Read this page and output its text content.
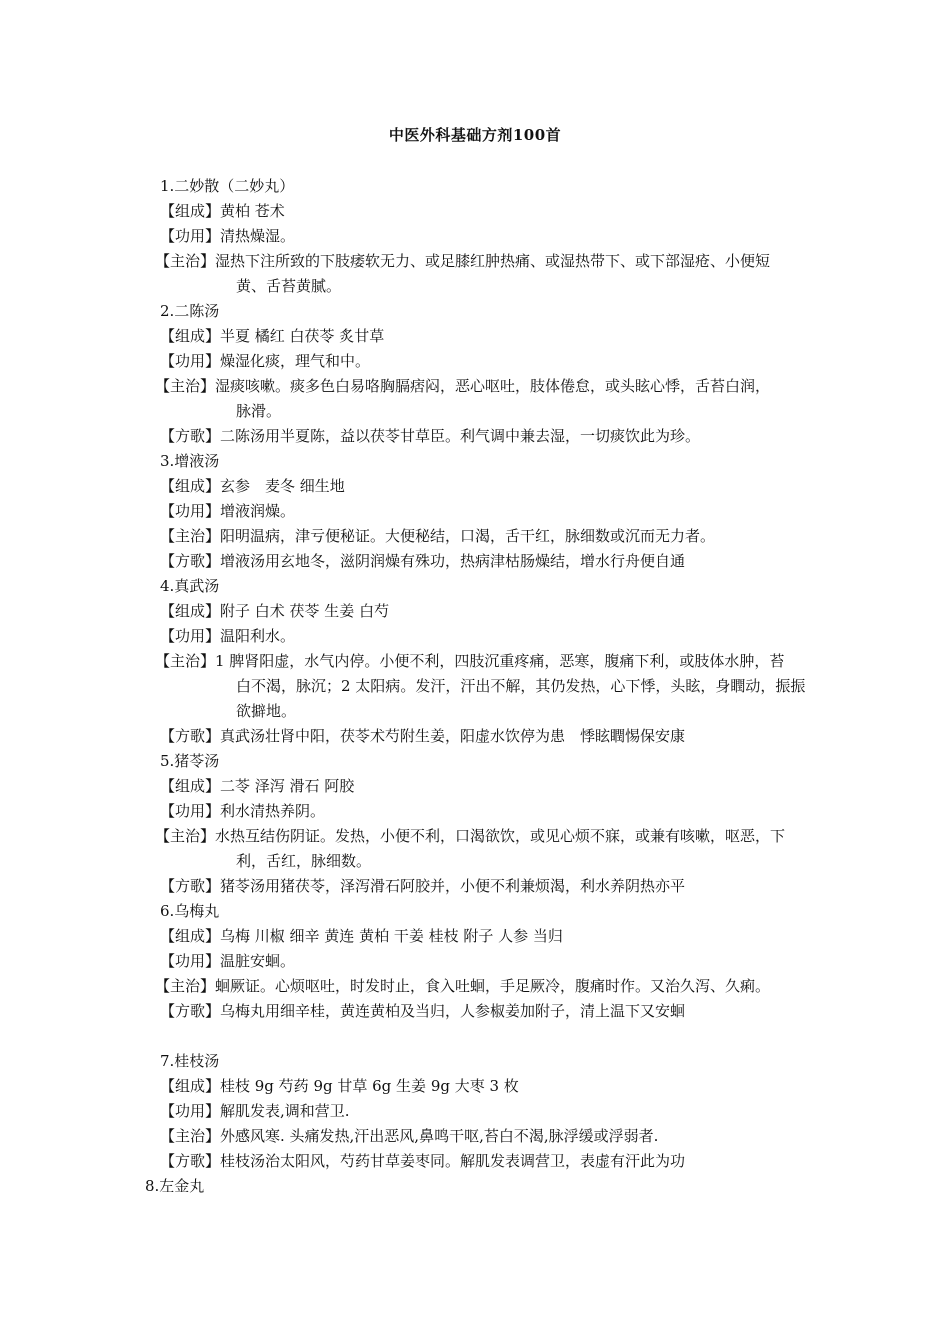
中医外科基础方剂100首
1.二妙散（二妙丸）
【组成】黄柏 苍术
【功用】清热燥湿。
【主治】湿热下注所致的下肢痿软无力、或足膝红肿热痛、或湿热带下、或下部湿疮、小便短
黄、舌苔黄腻。
2.二陈汤
【组成】半夏 橘红 白茯苓 炙甘草
【功用】燥湿化痰，理气和中。
【主治】湿痰咳嗽。痰多色白易咯胸膈痞闷，恶心呕吐，肢体倦怠，或头眩心悸，舌苔白润，
脉滑。
【方歌】二陈汤用半夏陈，益以茯苓甘草臣。利气调中兼去湿，一切痰饮此为珍。
3.增液汤
【组成】玄参　麦冬 细生地
【功用】增液润燥。
【主治】阳明温病，津亏便秘证。大便秘结，口渴，舌干红，脉细数或沉而无力者。
【方歌】增液汤用玄地冬，滋阴润燥有殊功，热病津枯肠燥结，增水行舟便自通
4.真武汤
【组成】附子 白术 茯苓 生姜 白芍
【功用】温阳利水。
【主治】1 脾肾阳虚，水气内停。小便不利，四肢沉重疼痛，恶寒，腹痛下利，或肢体水肿，苔
白不渴，脉沉；2 太阳病。发汗，汗出不解，其仍发热，心下悸，头眩，身瞤动，振振
欲擗地。
【方歌】真武汤壮肾中阳，茯苓术芍附生姜，阳虚水饮停为患　悸眩瞤惕保安康
5.猪苓汤
【组成】二苓 泽泻 滑石 阿胶
【功用】利水清热养阴。
【主治】水热互结伤阴证。发热，小便不利，口渴欲饮，或见心烦不寐，或兼有咳嗽，呕恶，下
利，舌红，脉细数。
【方歌】猪苓汤用猪茯苓，泽泻滑石阿胶并，小便不利兼烦渴，利水养阴热亦平
6.乌梅丸
【组成】乌梅 川椒 细辛 黄连 黄柏 干姜 桂枝 附子 人参 当归
【功用】温脏安蛔。
【主治】蛔厥证。心烦呕吐，时发时止，食入吐蛔，手足厥冷，腹痛时作。又治久泻、久痢。
【方歌】乌梅丸用细辛桂，黄连黄柏及当归，人参椒姜加附子，清上温下又安蛔
7.桂枝汤
【组成】桂枝 9g 芍药 9g 甘草 6g 生姜 9g 大枣 3 枚
【功用】解肌发表,调和营卫.
【主治】外感风寒. 头痛发热,汗出恶风,鼻鸣干呕,苔白不渴,脉浮缓或浮弱者.
【方歌】桂枝汤治太阳风，芍药甘草姜枣同。解肌发表调营卫，表虚有汗此为功
8.左金丸
